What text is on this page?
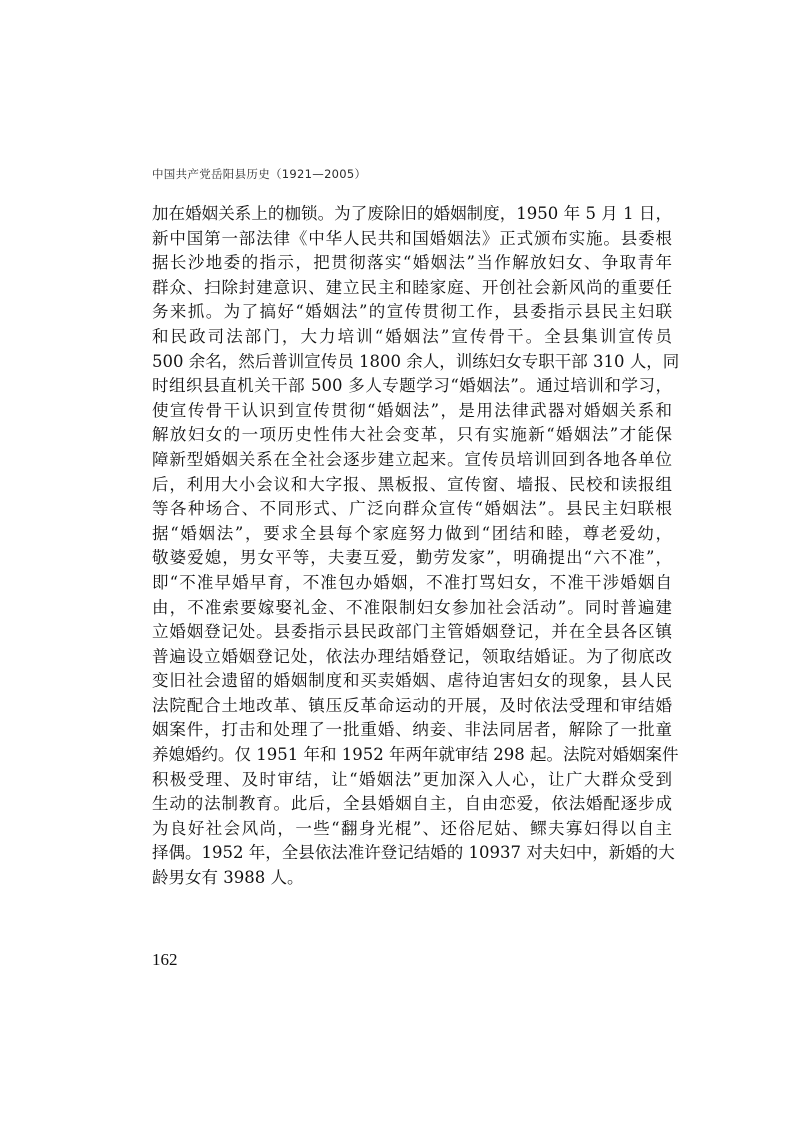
中国共产党岳阳县历史（1921—2005）
加在婚姻关系上的枷锁。为了废除旧的婚姻制度，1950 年 5 月 1 日，
新中国第一部法律《中华人民共和国婚姻法》正式颁布实施。县委根
据长沙地委的指示，把贯彻落实“婚姻法”当作解放妇女、争取青年
群众、扫除封建意识、建立民主和睦家庭、开创社会新风尚的重要任
务来抓。为了搞好“婚姻法”的宣传贯彻工作，县委指示县民主妇联
和民政司法部门，大力培训“婚姻法”宣传骨干。全县集训宣传员
500 余名，然后普训宣传员 1800 余人，训练妇女专职干部 310 人，同
时组织县直机关干部 500 多人专题学习“婚姻法”。通过培训和学习，
使宣传骨干认识到宣传贯彻“婚姻法”，是用法律武器对婚姻关系和
解放妇女的一项历史性伟大社会变革，只有实施新“婚姻法”才能保
障新型婚姻关系在全社会逐步建立起来。宣传员培训回到各地各单位
后，利用大小会议和大字报、黑板报、宣传窗、墙报、民校和读报组
等各种场合、不同形式、广泛向群众宣传“婚姻法”。县民主妇联根
据“婚姻法”，要求全县每个家庭努力做到“团结和睦，尊老爱幼，
敬婆爱媳，男女平等，夫妻互爱，勤劳发家”，明确提出“六不准”，
即“不准早婚早育，不准包办婚姻，不准打骂妇女，不准干涉婚姻自
由，不准索要嫁娶礼金、不准限制妇女参加社会活动”。同时普遍建
立婚姻登记处。县委指示县民政部门主管婚姻登记，并在全县各区镇
普遍设立婚姻登记处，依法办理结婚登记，领取结婚证。为了彻底改
变旧社会遗留的婚姻制度和买卖婚姻、虐待迫害妇女的现象，县人民
法院配合土地改革、镇压反革命运动的开展，及时依法受理和审结婚
姻案件，打击和处理了一批重婚、纳妾、非法同居者，解除了一批童
养媳婚约。仅 1951 年和 1952 年两年就审结 298 起。法院对婚姻案件
积极受理、及时审结，让“婚姻法”更加深入人心，让广大群众受到
生动的法制教育。此后，全县婚姻自主，自由恋爱，依法婚配逐步成
为良好社会风尚，一些“翻身光棍”、还俗尼姑、鳏夫寡妇得以自主
择偶。1952 年，全县依法准许登记结婚的 10937 对夫妇中，新婚的大
龄男女有 3988 人。
162
